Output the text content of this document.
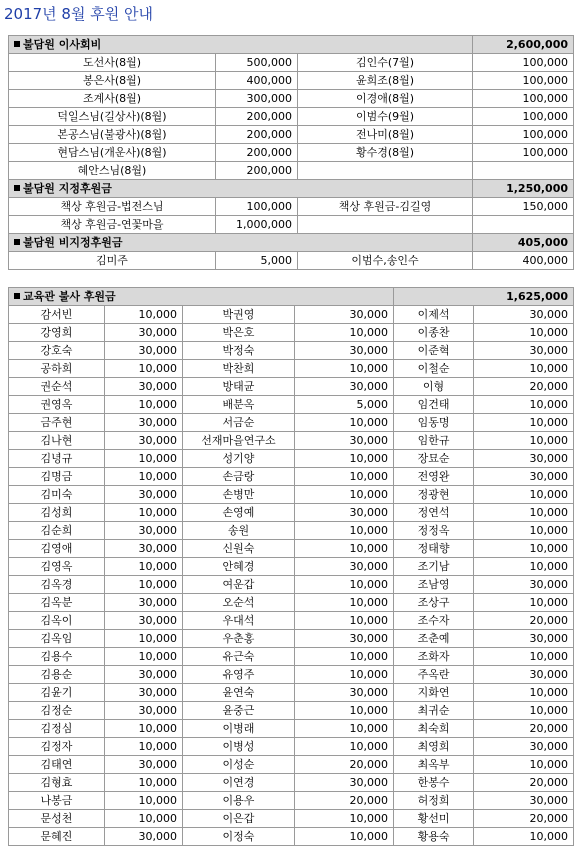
2017년 8월 후원 안내
불담원 이사회비			2,600,000
도선사(8월)	500,000	김인수(7월)	100,000
봉은사(8월)	400,000	윤희조(8월)	100,000
조계사(8월)	300,000	이경애(8월)	100,000
덕일스님(길상사)(8월)	200,000	이범수(9월)	100,000
본공스님(불광사)(8월)	200,000	전나미(8월)	100,000
현담스님(개운사)(8월)	200,000	황수경(8월)	100,000
혜안스님(8월)	200,000		
불담원 지정후원금			1,250,000
책상 후원금-법전스님	100,000	책상 후원금-김길영	150,000
책상 후원금-연꽃마을	1,000,000		
불담원 비지정후원금			405,000
김미주	5,000	이범수,송인수	400,000
교육관 불사 후원금				1,625,000	
감서빈	10,000	박권영	30,000	이제석	30,000
강영희	30,000	박은호	10,000	이종찬	10,000
강호숙	30,000	박정숙	30,000	이준혁	30,000
공하희	10,000	박찬희	10,000	이철순	10,000
권순석	30,000	방태균	30,000	이형	20,000
권영옥	10,000	배분옥	5,000	임건태	10,000
금주현	30,000	서금순	10,000	임동명	10,000
김나현	30,000	선재마을연구소	30,000	임한규	10,000
김녕규	10,000	성기양	10,000	장묘순	30,000
김명금	10,000	손금랑	10,000	전영완	30,000
김미숙	30,000	손병만	10,000	정광현	10,000
김성희	10,000	손영예	30,000	정연석	10,000
김순희	30,000	송원	10,000	정정옥	10,000
김영애	30,000	신원숙	10,000	정태향	10,000
김영옥	10,000	안혜경	30,000	조기남	10,000
김옥경	10,000	여운갑	10,000	조남영	30,000
김옥분	30,000	오순석	10,000	조상구	10,000
김옥이	30,000	우대석	10,000	조수자	20,000
김옥임	10,000	우춘홍	30,000	조춘예	30,000
김용수	10,000	유근숙	10,000	조화자	10,000
김용순	30,000	유영주	10,000	주옥란	30,000
김윤기	30,000	윤연숙	30,000	지화연	10,000
김정순	30,000	윤중근	10,000	최귀순	10,000
김정심	10,000	이병래	10,000	최숙희	20,000
김정자	10,000	이병성	10,000	최영희	30,000
김태연	30,000	이성순	20,000	최옥부	10,000
김형효	10,000	이연경	30,000	한봉수	20,000
나봉금	10,000	이용우	20,000	허정희	30,000
문성천	10,000	이은갑	10,000	황선미	20,000
문혜진	30,000	이정숙	10,000	황용숙	10,000
